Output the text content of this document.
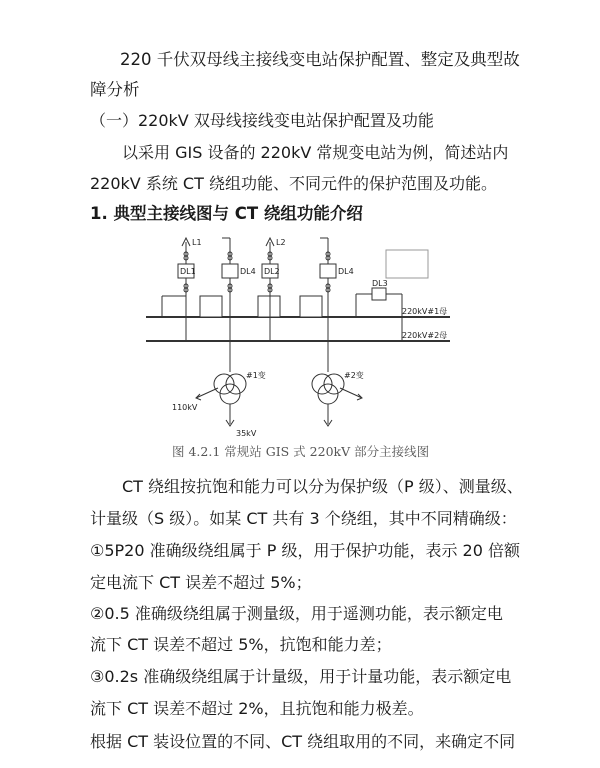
220 千伏双母线主接线变电站保护配置、整定及典型故
障分析
（一）220kV 双母线接线变电站保护配置及功能
以采用 GIS 设备的 220kV 常规变电站为例，简述站内
220kV 系统 CT 绕组功能、不同元件的保护范围及功能。
1. 典型主接线图与 CT 绕组功能介绍
L1
DL1
L2
DL4 DL2	DL4
DL3
220kV#1母
220kV#2母
#1变	#2变
110kV
35kV
图 4.2.1 常规站 GIS 式 220kV 部分主接线图
CT 绕组按抗饱和能力可以分为保护级（P 级）、测量级、
计量级（S 级）。如某 CT 共有 3 个绕组，其中不同精确级：
①5P20 准确级绕组属于 P 级，用于保护功能，表示 20 倍额
定电流下 CT 误差不超过 5%；
②0.5 准确级绕组属于测量级，用于遥测功能，表示额定电
流下 CT 误差不超过 5%，抗饱和能力差；
③0.2s 准确级绕组属于计量级，用于计量功能，表示额定电
流下 CT 误差不超过 2%，且抗饱和能力极差。
根据 CT 装设位置的不同、CT 绕组取用的不同，来确定不同
